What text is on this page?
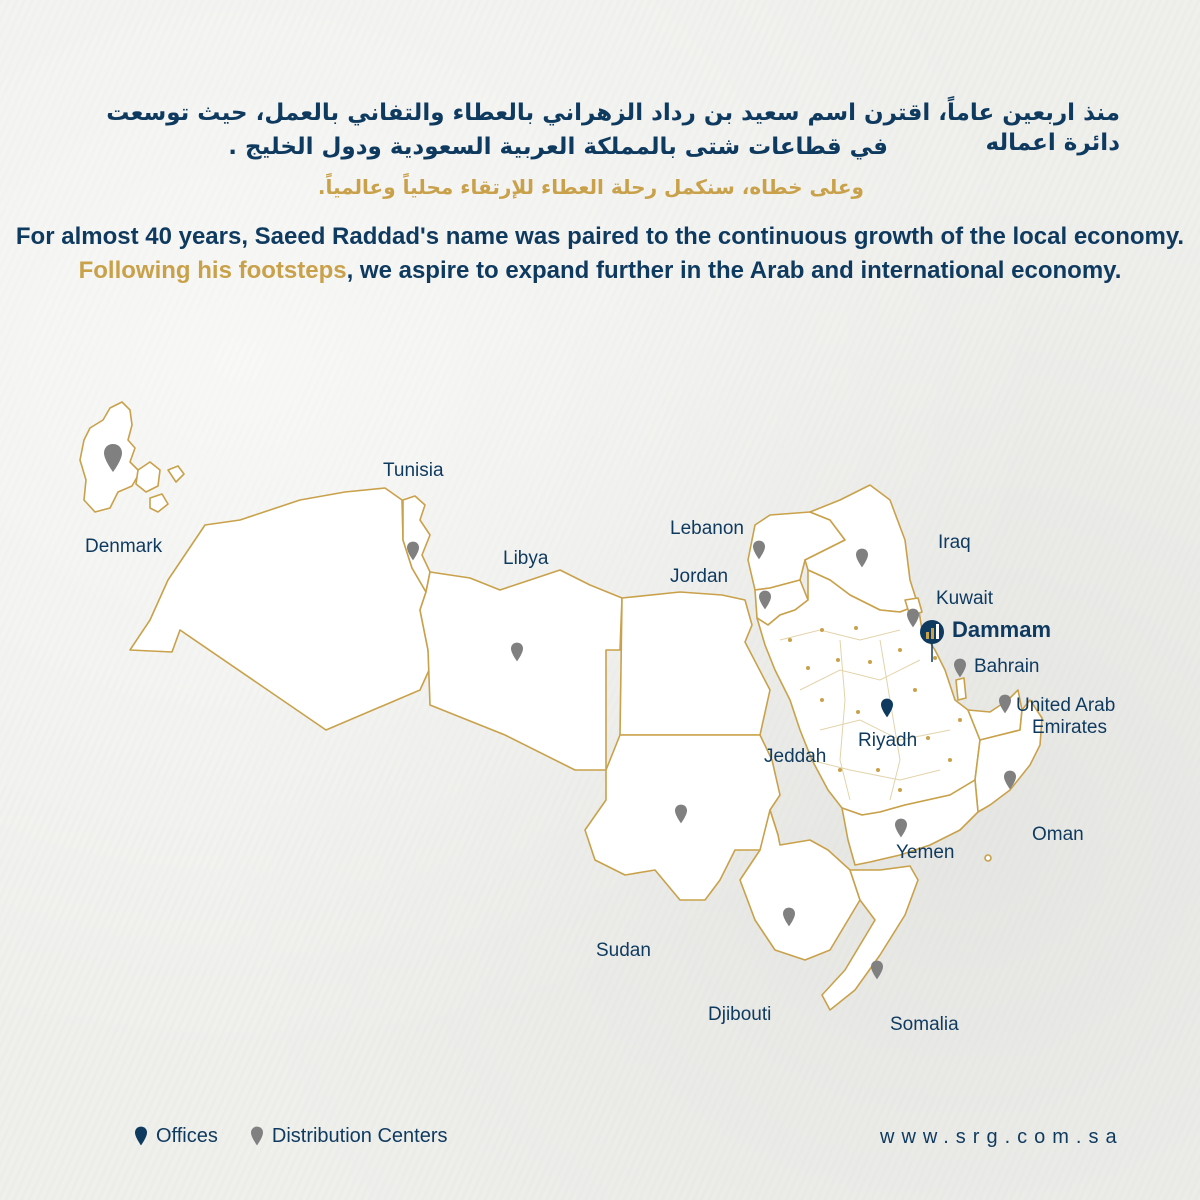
منذ اربعين عاماً، اقترن اسم سعيد بن رداد الزهراني بالعطاء والتفاني بالعمل، حيث توسعت دائرة اعماله
في قطاعات شتى بالمملكة العربية السعودية ودول الخليج .
وعلى خطاه، سنكمل رحلة العطاء للإرتقاء محلياً وعالمياً.
For almost 40 years, Saeed Raddad's name was paired to the continuous growth of the local economy.
Following his footsteps, we aspire to expand further in the Arab and international economy.
Denmark
Tunisia
Libya
Lebanon
Jordan
Iraq
Kuwait
Dammam
Bahrain
United Arab
Emirates
Riyadh
Jeddah
Oman
Yemen
Sudan
Djibouti	Somalia
Offices	Distribution Centers	www.srg.com.sa
